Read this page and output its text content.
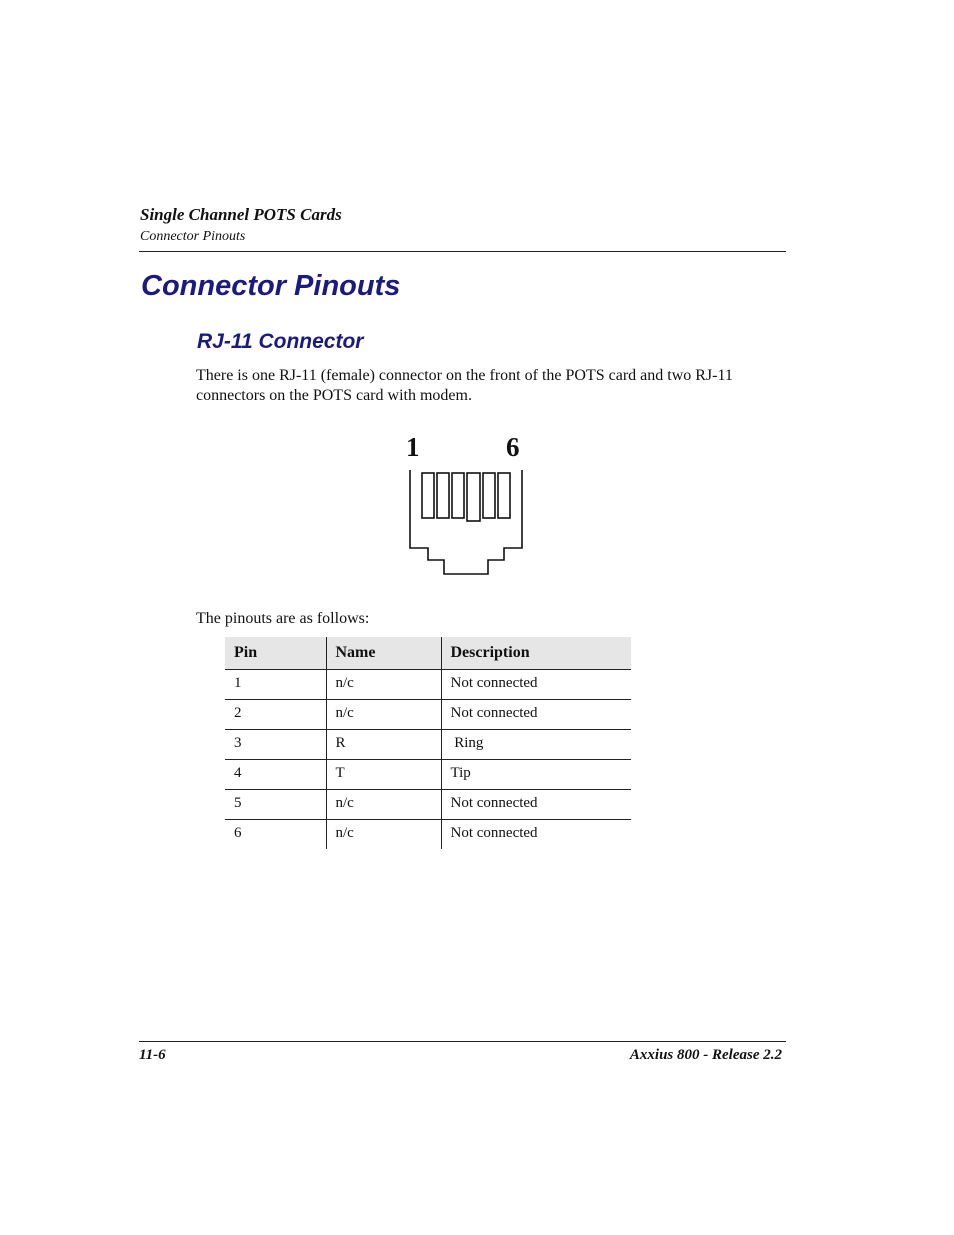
Single Channel POTS Cards
Connector Pinouts
Connector Pinouts
RJ-11 Connector
There is one RJ-11 (female) connector on the front of the POTS card and two RJ-11 connectors on the POTS card with modem.
1	6
The pinouts are as follows:
Pin	Name	Description
1	n/c	Not connected
2	n/c	Not connected
3	R	Ring
4	T	Tip
5	n/c	Not connected
6	n/c	Not connected
11-6	Axxius 800 - Release 2.2
